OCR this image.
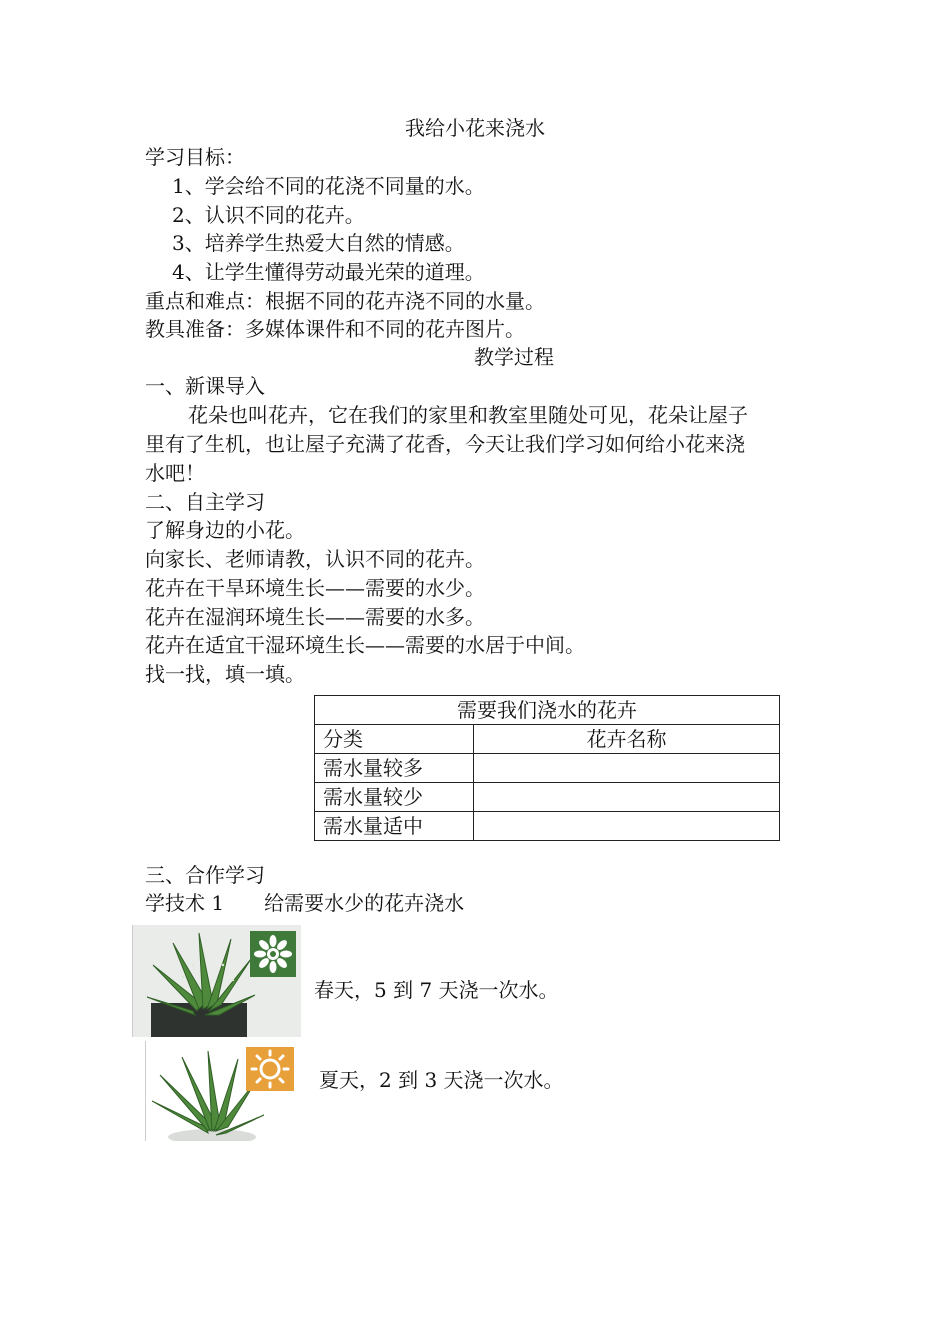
我给小花来浇水
学习目标：
1、学会给不同的花浇不同量的水。
2、认识不同的花卉。
3、培养学生热爱大自然的情感。
4、让学生懂得劳动最光荣的道理。
重点和难点：根据不同的花卉浇不同的水量。
教具准备：多媒体课件和不同的花卉图片。
教学过程
一、新课导入
花朵也叫花卉，它在我们的家里和教室里随处可见，花朵让屋子
里有了生机，也让屋子充满了花香，今天让我们学习如何给小花来浇
水吧！
二、自主学习
了解身边的小花。
向家长、老师请教，认识不同的花卉。
花卉在干旱环境生长——需要的水少。
花卉在湿润环境生长——需要的水多。
花卉在适宜干湿环境生长——需要的水居于中间。
找一找，填一填。
需要我们浇水的花卉	
分类	花卉名称
需水量较多	
需水量较少	
需水量适中	
三、合作学习
学技术 1　　给需要水少的花卉浇水
春天，5 到 7 天浇一次水。
夏天，2 到 3 天浇一次水。
